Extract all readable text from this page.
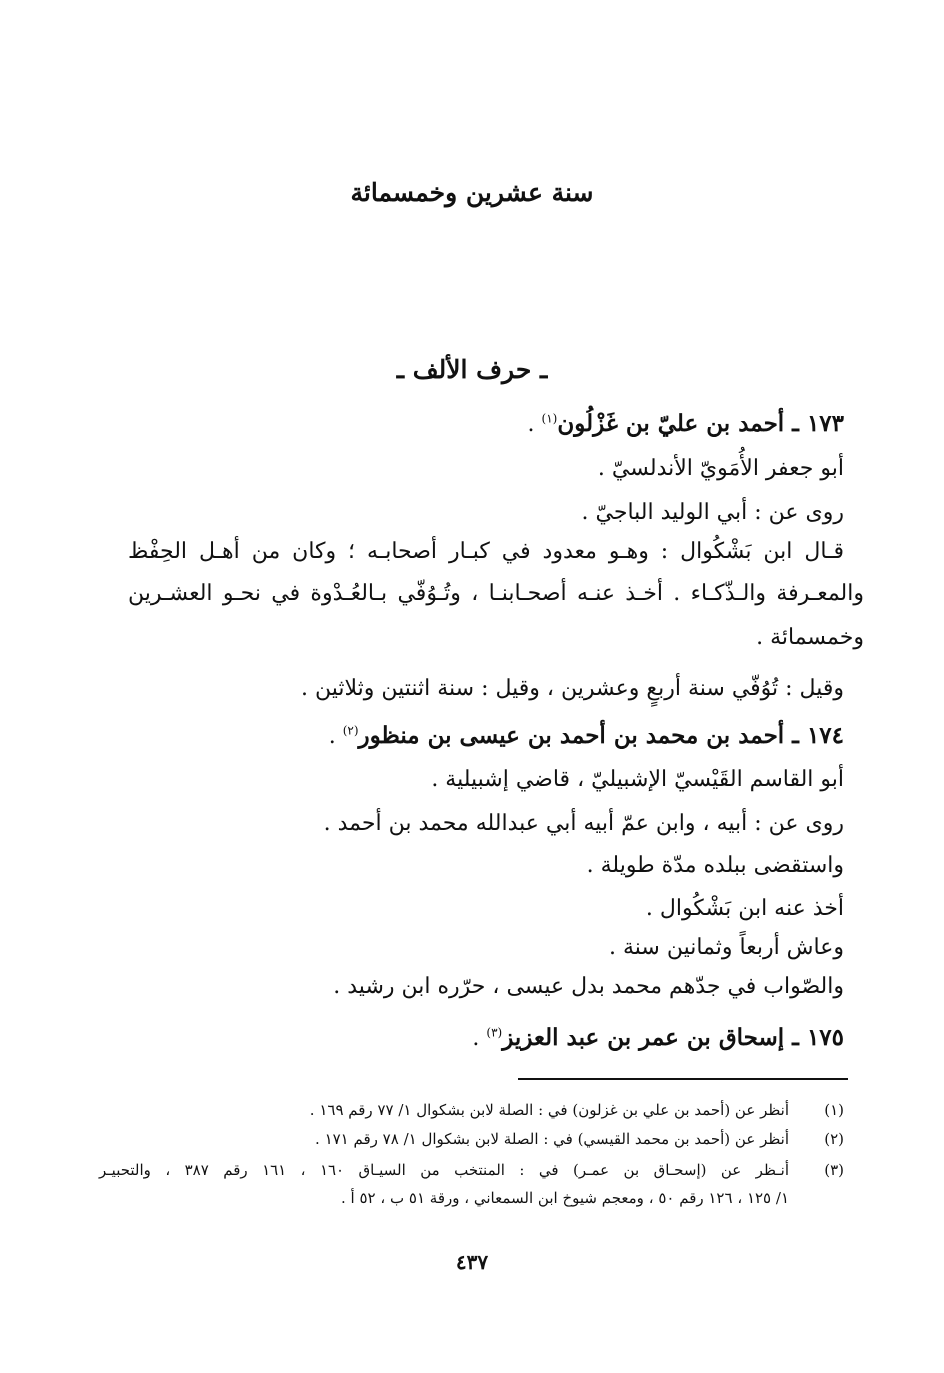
سنة عشرين وخمسمائة
ـ حرف الألف ـ
١٧٣ ـ أحمد بن عليّ بن غَزْلُون$^{(١)}$ .
أبو جعفر الأُمَويّ الأندلسيّ .
روى عن : أبي الوليد الباجيّ .
قـال ابن بَشْكُوال : وهـو معدود في كبـار أصحابـه ؛ وكان من أهـل الحِفْظ
والمعـرفة والـذّكـاء . أخـذ عنـه أصحـابنـا ، وتُـوُفّي بـالعُـدْوة في نحـو العشـرين
وخمسمائة .
وقيل : تُوُفّي سنة أربعٍ وعشرين ، وقيل : سنة اثنتين وثلاثين .
١٧٤ ـ أحمد بن محمد بن أحمد بن عيسى بن منظور$^{(٢)}$ .
أبو القاسم القَيْسيّ الإشبيليّ ، قاضي إشبيلية .
روى عن : أبيه ، وابن عمّ أبيه أبي عبدالله محمد بن أحمد .
واستقضى ببلده مدّة طويلة .
أخذ عنه ابن بَشْكُوال .
وعاش أربعاً وثمانين سنة .
والصّواب في جدّهم محمد بدل عيسى ، حرّره ابن رشيد .
١٧٥ ـ إسحاق بن عمر بن عبد العزيز$^{(٣)}$ .
(١)
أنظر عن (أحمد بن علي بن غزلون) في : الصلة لابن بشكوال ١/ ٧٧ رقم ١٦٩ .
(٢)
أنظر عن (أحمد بن محمد القيسي) في : الصلة لابن بشكوال ١/ ٧٨ رقم ١٧١ .
(٣)
أنـظر عن (إسحـاق بن عمـر) في : المنتخب من السيـاق ١٦٠ ، ١٦١ رقم ٣٨٧ ، والتحبيـر
١/ ١٢٥ ، ١٢٦ رقم ٥٠ ، ومعجم شيوخ ابن السمعاني ، ورقة ٥١ ب ، ٥٢ أ .
٤٣٧
